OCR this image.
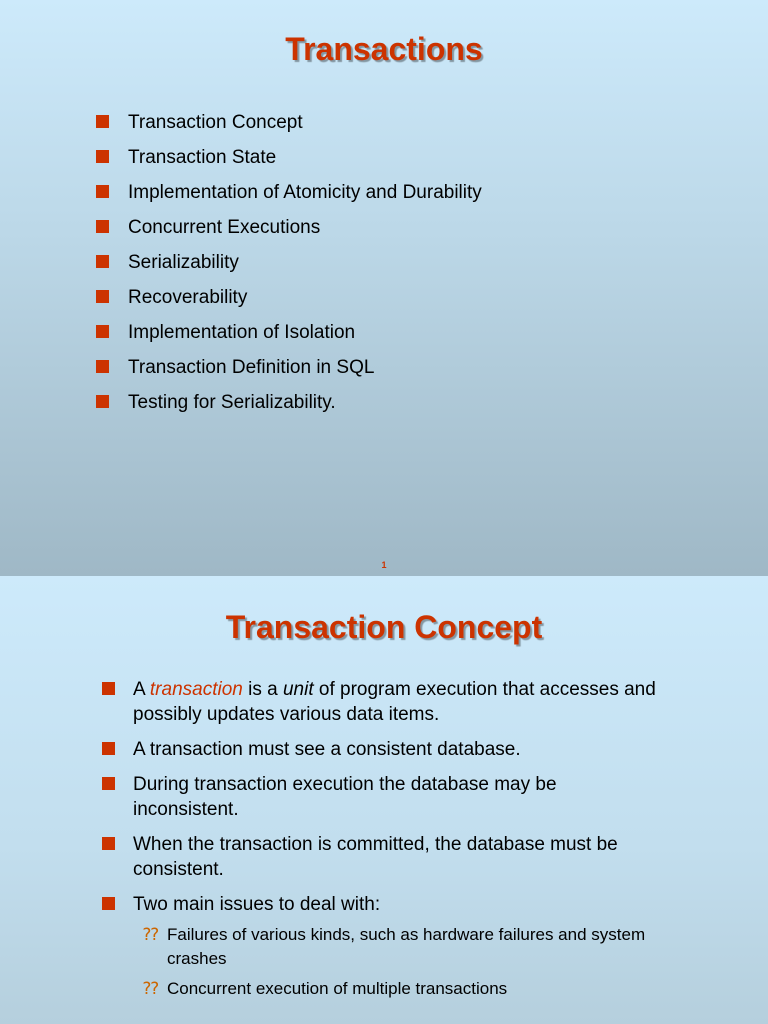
Transactions
Transaction Concept
Transaction State
Implementation of Atomicity and Durability
Concurrent Executions
Serializability
Recoverability
Implementation of Isolation
Transaction Definition in SQL
Testing for Serializability.
1
Transaction Concept
A transaction is a unit of program execution that accesses and possibly updates various data items.
A transaction must see a consistent database.
During transaction execution the database may be inconsistent.
When the transaction is committed, the database must be consistent.
Two main issues to deal with:
⁇ Failures of various kinds, such as hardware failures and system crashes
⁇ Concurrent execution of multiple transactions
